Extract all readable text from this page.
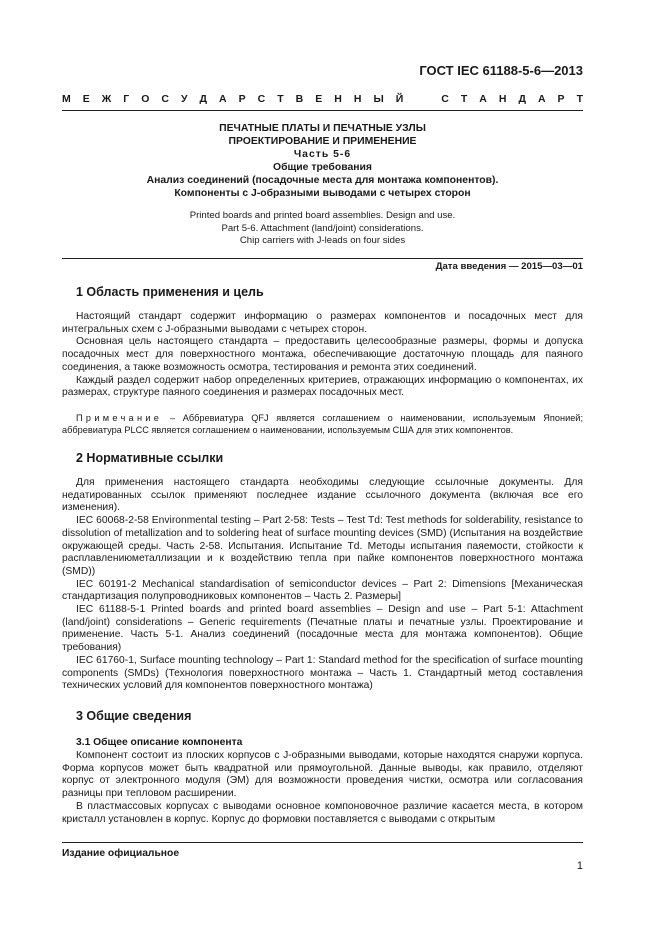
ГОСТ IEC 61188-5-6—2013
М Е Ж Г О С У Д А Р С Т В Е Н Н Ы Й	С Т А Н Д А Р Т
ПЕЧАТНЫЕ ПЛАТЫ И ПЕЧАТНЫЕ УЗЛЫ
ПРОЕКТИРОВАНИЕ И ПРИМЕНЕНИЕ
Часть 5-6
Общие требования
Анализ соединений (посадочные места для монтажа компонентов).
Компоненты с J-образными выводами с четырех сторон
Printed boards and printed board assemblies. Design and use.
Part 5-6. Attachment (land/joint) considerations.
Chip carriers with J-leads on four sides
Дата введения — 2015—03—01
1 Область применения и цель

Настоящий стандарт содержит информацию о размерах компонентов и посадочных мест для интегральных схем с J-образными выводами с четырех сторон.

Основная цель настоящего стандарта – предоставить целесообразные размеры, формы и допуска посадочных мест для поверхностного монтажа, обеспечивающие достаточную площадь для паяного соединения, а также возможность осмотра, тестирования и ремонта этих соединений.

Каждый раздел содержит набор определенных критериев, отражающих информацию о компонентах, их размерах, структуре паяного соединения и размерах посадочных мест.

Примечание – Аббревиатура QFJ является соглашением о наименовании, используемым Японией; аббревиатура PLCC является соглашением о наименовании, используемым США для этих компонентов.

2 Нормативные ссылки

Для применения настоящего стандарта необходимы следующие ссылочные документы. Для недатированных ссылок применяют последнее издание ссылочного документа (включая все его изменения).

IEC 60068-2-58 Environmental testing – Part 2-58: Tests – Test Td: Test methods for solderability, resistance to dissolution of metallization and to soldering heat of surface mounting devices (SMD) (Испытания на воздействие окружающей среды. Часть 2-58. Испытания. Испытание Td. Методы испытания паяемости, стойкости к расплавлениюметаллизации и к воздействию тепла при пайке компонентов поверхностного монтажа (SMD))

IEC 60191-2 Mechanical standardisation of semiconductor devices – Part 2: Dimensions [Механическая стандартизация полупроводниковых компонентов – Часть 2. Размеры]

IEC 61188-5-1 Printed boards and printed board assemblies – Design and use – Part 5-1: Attachment (land/joint) considerations – Generic requirements (Печатные платы и печатные узлы. Проектирование и применение. Часть 5-1. Анализ соединений (посадочные места для монтажа компонентов). Общие требования)

IEC 61760-1, Surface mounting technology – Part 1: Standard method for the specification of surface mounting components (SMDs) (Технология поверхностного монтажа – Часть 1. Стандартный метод составления технических условий для компонентов поверхностного монтажа)

3 Общие сведения
3.1 Общее описание компонента

Компонент состоит из плоских корпусов с J-образными выводами, которые находятся снаружи корпуса. Форма корпусов может быть квадратной или прямоугольной. Данные выводы, как правило, отделяют корпус от электронного модуля (ЭМ) для возможности проведения чистки, осмотра или согласования разницы при тепловом расширении.

В пластмассовых корпусах с выводами основное компоновочное различие касается места, в котором кристалл установлен в корпус. Корпус до формовки поставляется с выводами с открытым

Издание официальное
1
